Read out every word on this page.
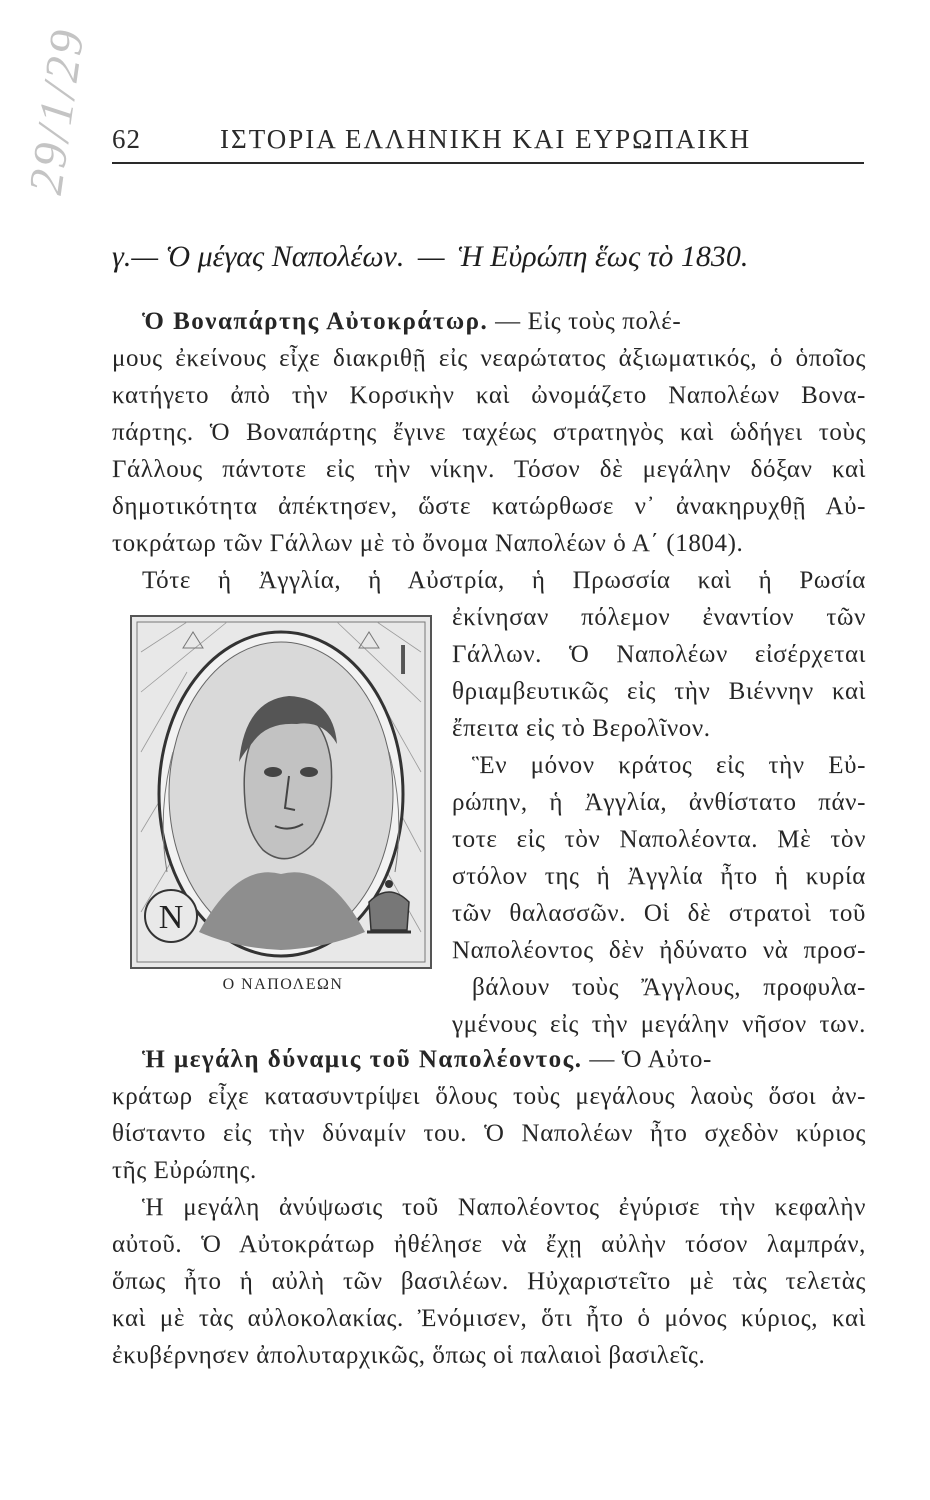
62	ΙΣΤΟΡΙΑ ΕΛΛΗΝΙΚΗ ΚΑΙ ΕΥΡΩΠΑΙΚΗ
29/1/29
γ.— Ὁ μέγας Ναπολέων. — Ἡ Εὐρώπη ἕως τὸ 1830.
Ὁ Βοναπάρτης Αὐτοκράτωρ. — Εἰς τοὺς πολέ-
μους ἐκείνους εἶχε διακριθῇ εἰς νεαρώτατος ἀξιωματικός, ὁ ὁποῖος
κατήγετο ἀπὸ τὴν Κορσικὴν καὶ ὠνομάζετο Ναπολέων Βονα-
πάρτης. Ὁ Βοναπάρτης ἔγινε ταχέως στρατηγὸς καὶ ὡδήγει τοὺς
Γάλλους πάντοτε εἰς τὴν νίκην. Τόσον δὲ μεγάλην δόξαν καὶ
δημοτικότητα ἀπέκτησεν, ὥστε κατώρθωσε ν᾽ ἀνακηρυχθῇ Αὐ-
τοκράτωρ τῶν Γάλλων μὲ τὸ ὄνομα Ναπολέων ὁ Α΄ (1804).
Τότε ἡ Ἀγγλία, ἡ Αὐστρία, ἡ Πρωσσία καὶ ἡ Ρωσία
ἐκίνησαν πόλεμον ἐναντίον τῶν
Γάλλων. Ὁ Ναπολέων εἰσέρχεται
θριαμβευτικῶς εἰς τὴν Βιέννην καὶ
ἔπειτα εἰς τὸ Βερολῖνον.
Ἓν μόνον κράτος εἰς τὴν Εὐ-
ρώπην, ἡ Ἀγγλία, ἀνθίστατο πάν-
τοτε εἰς τὸν Ναπολέοντα. Μὲ τὸν
στόλον της ἡ Ἀγγλία ἦτο ἡ κυρία
τῶν θαλασσῶν. Οἱ δὲ στρατοὶ τοῦ
Ναπολέοντος δὲν ἠδύνατο νὰ προσ-
βάλουν τοὺς Ἄγγλους, προφυλα-
γμένους εἰς τὴν μεγάλην νῆσον των.
N
Ⅰ
Ο ΝΑΠΟΛΕΩΝ
Ἡ μεγάλη δύναμις τοῦ Ναπολέοντος. — Ὁ Αὐτο-
κράτωρ εἶχε κατασυντρίψει ὅλους τοὺς μεγάλους λαοὺς ὅσοι ἀν-
θίσταντο εἰς τὴν δύναμίν του. Ὁ Ναπολέων ἦτο σχεδὸν κύριος
τῆς Εὐρώπης.
Ἡ μεγάλη ἀνύψωσις τοῦ Ναπολέοντος ἐγύρισε τὴν κεφαλὴν
αὐτοῦ. Ὁ Αὐτοκράτωρ ἠθέλησε νὰ ἔχῃ αὐλὴν τόσον λαμπράν,
ὅπως ἦτο ἡ αὐλὴ τῶν βασιλέων. Ηὐχαριστεῖτο μὲ τὰς τελετὰς
καὶ μὲ τὰς αὐλοκολακίας. Ἐνόμισεν, ὅτι ἦτο ὁ μόνος κύριος, καὶ
ἐκυβέρνησεν ἀπολυταρχικῶς, ὅπως οἱ παλαιοὶ βασιλεῖς.
